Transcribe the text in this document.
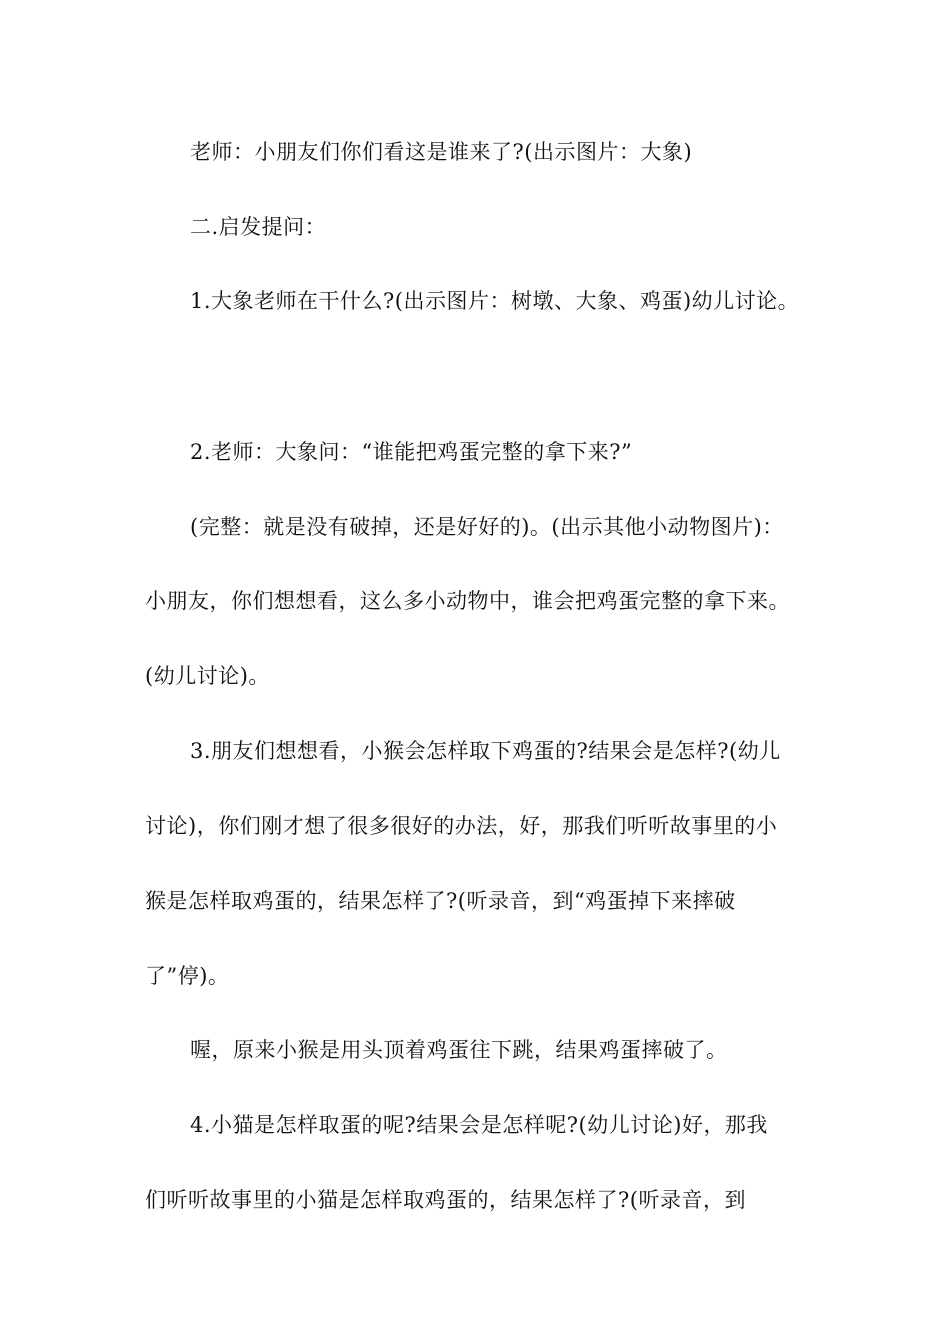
老师：小朋友们你们看这是谁来了?(出示图片：大象)

二.启发提问：

1.大象老师在干什么?(出示图片：树墩、大象、鸡蛋)幼儿讨论。

2.老师：大象问：“谁能把鸡蛋完整的拿下来?”

(完整：就是没有破掉，还是好好的)。(出示其他小动物图片)：

小朋友，你们想想看，这么多小动物中，谁会把鸡蛋完整的拿下来。

(幼儿讨论)。

3.朋友们想想看，小猴会怎样取下鸡蛋的?结果会是怎样?(幼儿

讨论)，你们刚才想了很多很好的办法，好，那我们听听故事里的小

猴是怎样取鸡蛋的，结果怎样了?(听录音，到“鸡蛋掉下来摔破

了”停)。

喔，原来小猴是用头顶着鸡蛋往下跳，结果鸡蛋摔破了。

4.小猫是怎样取蛋的呢?结果会是怎样呢?(幼儿讨论)好，那我

们听听故事里的小猫是怎样取鸡蛋的，结果怎样了?(听录音，到
